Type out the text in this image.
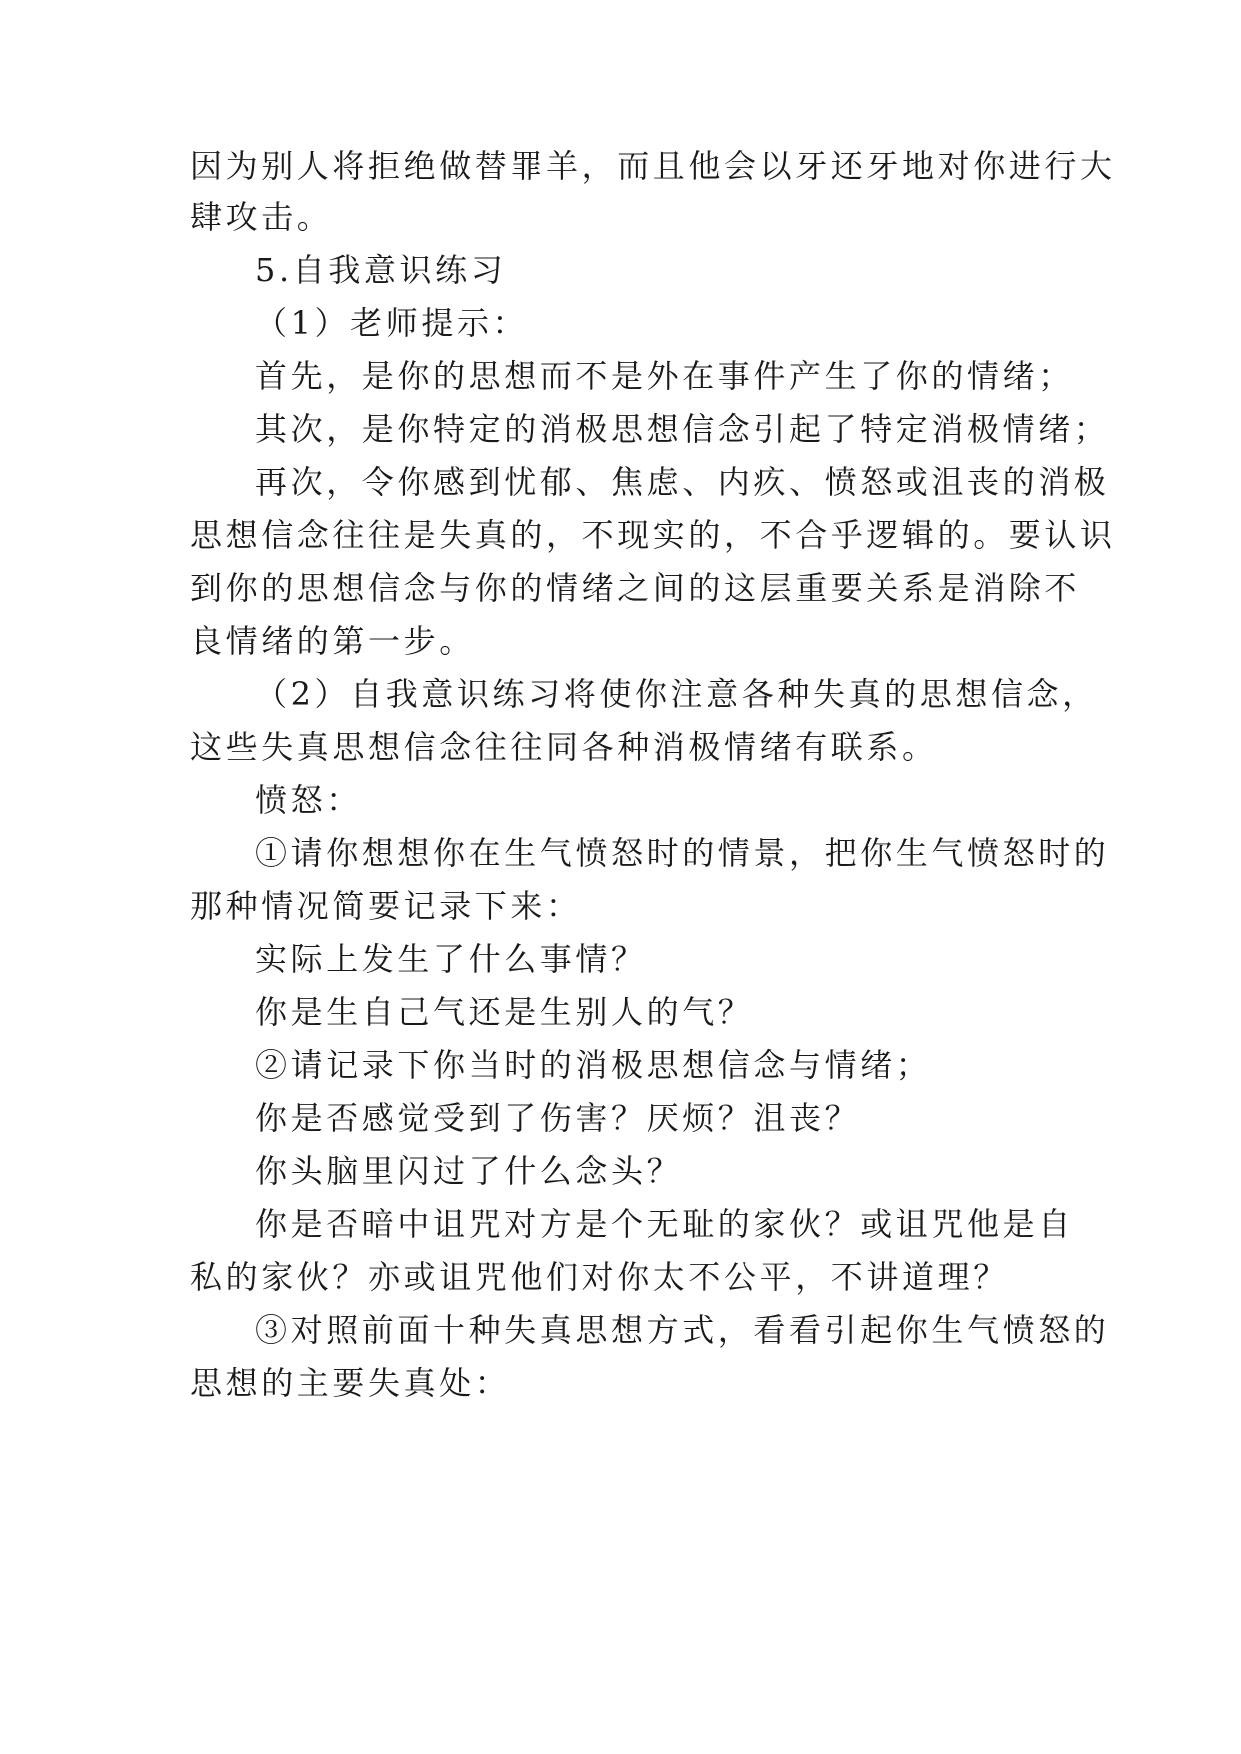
因为别人将拒绝做替罪羊，而且他会以牙还牙地对你进行大
肆攻击。
5.自我意识练习
（1）老师提示：
首先，是你的思想而不是外在事件产生了你的情绪；
其次，是你特定的消极思想信念引起了特定消极情绪；
再次，令你感到忧郁、焦虑、内疚、愤怒或沮丧的消极
思想信念往往是失真的，不现实的，不合乎逻辑的。要认识
到你的思想信念与你的情绪之间的这层重要关系是消除不
良情绪的第一步。
（2）自我意识练习将使你注意各种失真的思想信念，
这些失真思想信念往往同各种消极情绪有联系。
愤怒：
①请你想想你在生气愤怒时的情景，把你生气愤怒时的
那种情况简要记录下来：
实际上发生了什么事情？
你是生自己气还是生别人的气？
②请记录下你当时的消极思想信念与情绪；
你是否感觉受到了伤害？厌烦？沮丧？
你头脑里闪过了什么念头？
你是否暗中诅咒对方是个无耻的家伙？或诅咒他是自
私的家伙？亦或诅咒他们对你太不公平，不讲道理？
③对照前面十种失真思想方式，看看引起你生气愤怒的
思想的主要失真处：
